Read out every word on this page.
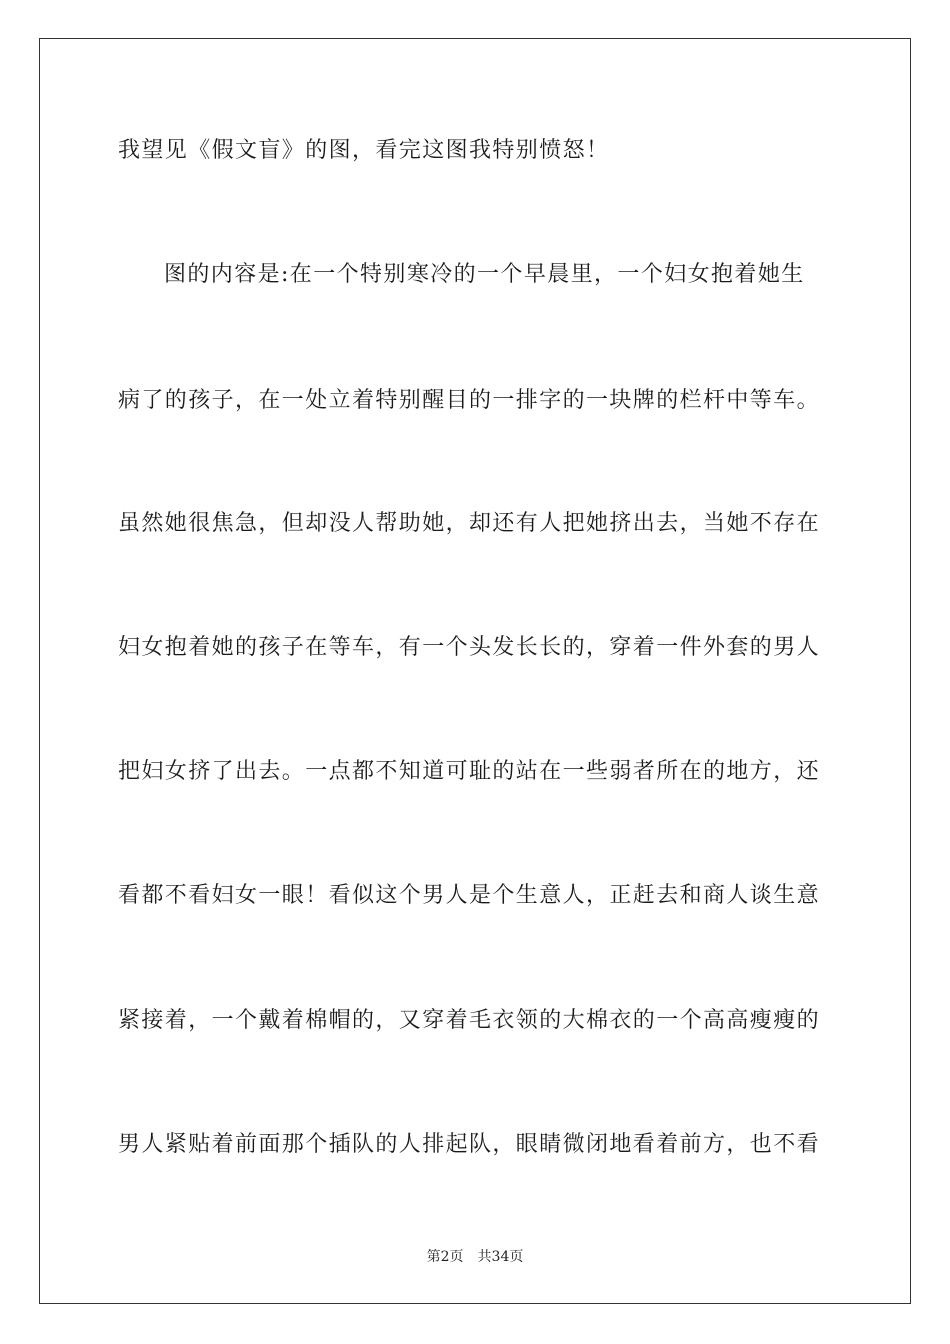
我望见《假文盲》的图，看完这图我特别愤怒！
图的内容是:在一个特别寒冷的一个早晨里，一个妇女抱着她生
病了的孩子，在一处立着特别醒目的一排字的一块牌的栏杆中等车。
虽然她很焦急，但却没人帮助她，却还有人把她挤出去，当她不存在
妇女抱着她的孩子在等车，有一个头发长长的，穿着一件外套的男人
把妇女挤了出去。一点都不知道可耻的站在一些弱者所在的地方，还
看都不看妇女一眼！看似这个男人是个生意人，正赶去和商人谈生意
紧接着，一个戴着棉帽的，又穿着毛衣领的大棉衣的一个高高瘦瘦的
男人紧贴着前面那个插队的人排起队，眼睛微闭地看着前方，也不看
第2页 共34页
